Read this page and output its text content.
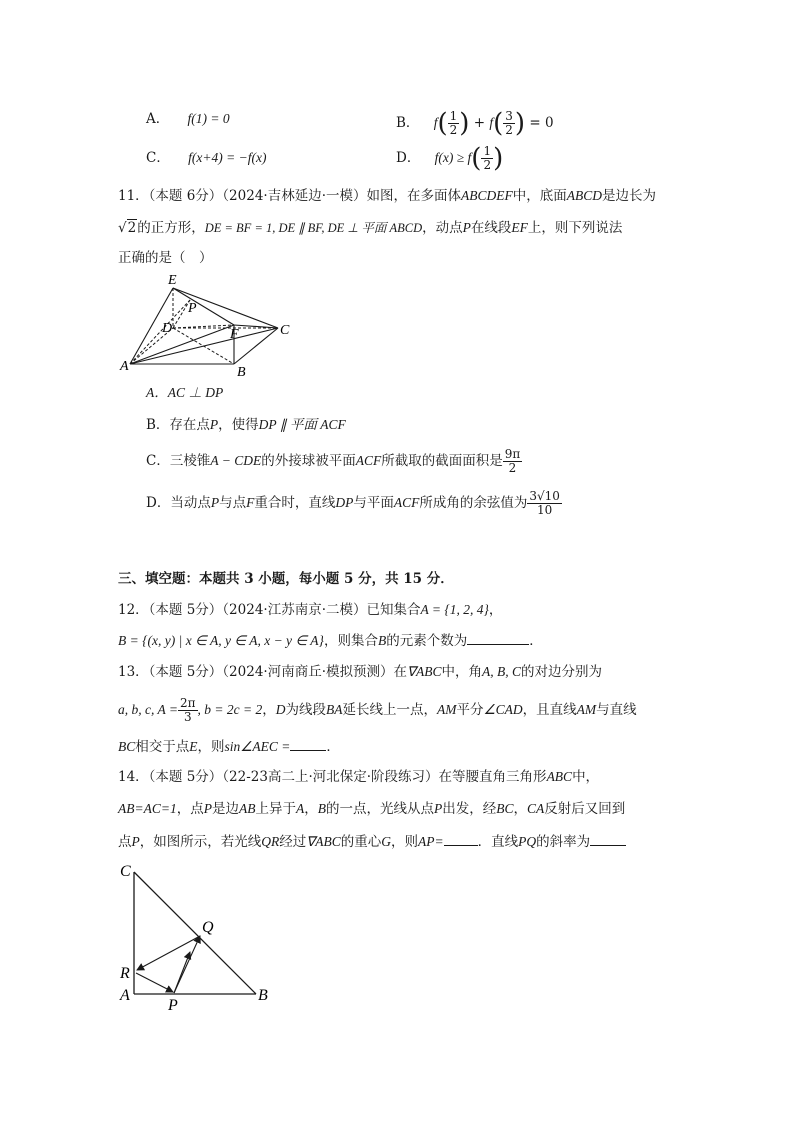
A． f(1) = 0	B． $f( \frac{1}{2}$ ) + $f( \frac{3}{2}$ ) = 0
C． f(x+4) = −f(x)	D． $f(x) \ge f( \frac{1}{2}$ )
11．（本题 6分）（2024·吉林延边·一模）如图，在多面体ABCDEF中，底面ABCD是边长为
√2的正方形，DE = BF = 1, DE ∥ BF, DE ⊥ 平面 ABCD，动点P在线段EF上，则下列说法
正确的是（　）
E
P
D	F	C
A	B
A．AC ⊥ DP
B．存在点P，使得DP ∥ 平面 ACF
C．三棱锥A − CDE的外接球被平面ACF所截取的截面面积是 $\frac{9\pi}{2}$
D．当动点P与点F重合时，直线DP与平面ACF所成角的余弦值为 $\frac{3√10}{10}$
三、填空题：本题共 3 小题，每小题 5 分，共 15 分．
12．（本题 5分）（2024·江苏南京·二模）已知集合A = {1, 2, 4}，
B = {(x, y) | x ∈ A, y ∈ A, x − y ∈ A}，则集合B的元素个数为	．
13．（本题 5分）（2024·河南商丘·模拟预测）在∇ABC中，角A, B, C的对边分别为
a, b, c, $A = \frac{2\pi}{3}$ , b = 2c = 2，D为线段BA延长线上一点，AM平分∠CAD，且直线AM与直线
BC相交于点E，则sin∠AEC =	．
14．（本题 5分）（22-23高二上·河北保定·阶段练习）在等腰直角三角形ABC中，
AB=AC=1，点P是边AB上异于A，B的一点，光线从点P出发，经BC，CA反射后又回到
点P，如图所示，若光线QR经过∇ABC的重心G，则AP=	．直线PQ的斜率为
C
Q
R
A
P
B
